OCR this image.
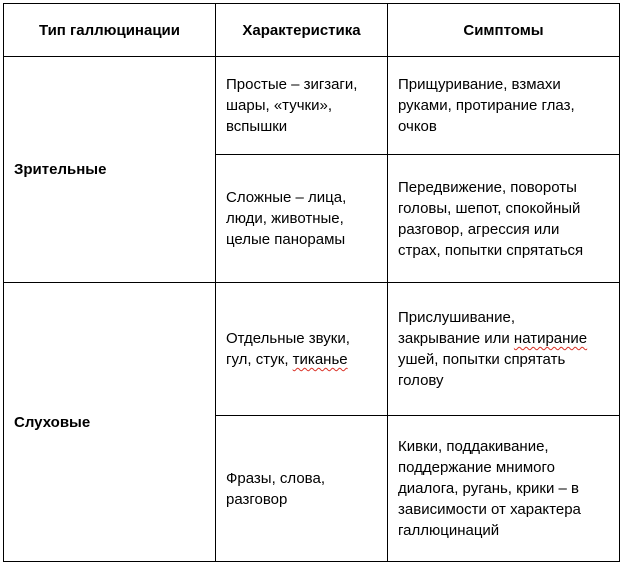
Тип галлюцинации	Характеристика	Симптомы
Зрительные	Простые – зигзаги,
шары, «тучки»,
вспышки	Прищуривание, взмахи
руками, протирание глаз,
очков

	Сложные – лица,
люди, животные,
целые панорамы	Передвижение, повороты
головы, шепот, спокойный
разговор, агрессия или
страх, попытки спрятаться

Слуховые	Отдельные звуки,
гул, стук, тиканье	Прислушивание,
закрывание или натирание
ушей, попытки спрятать
голову

	Фразы, слова,
разговор	Кивки, поддакивание,
поддержание мнимого
диалога, ругань, крики – в
зависимости от характера
галлюцинаций
